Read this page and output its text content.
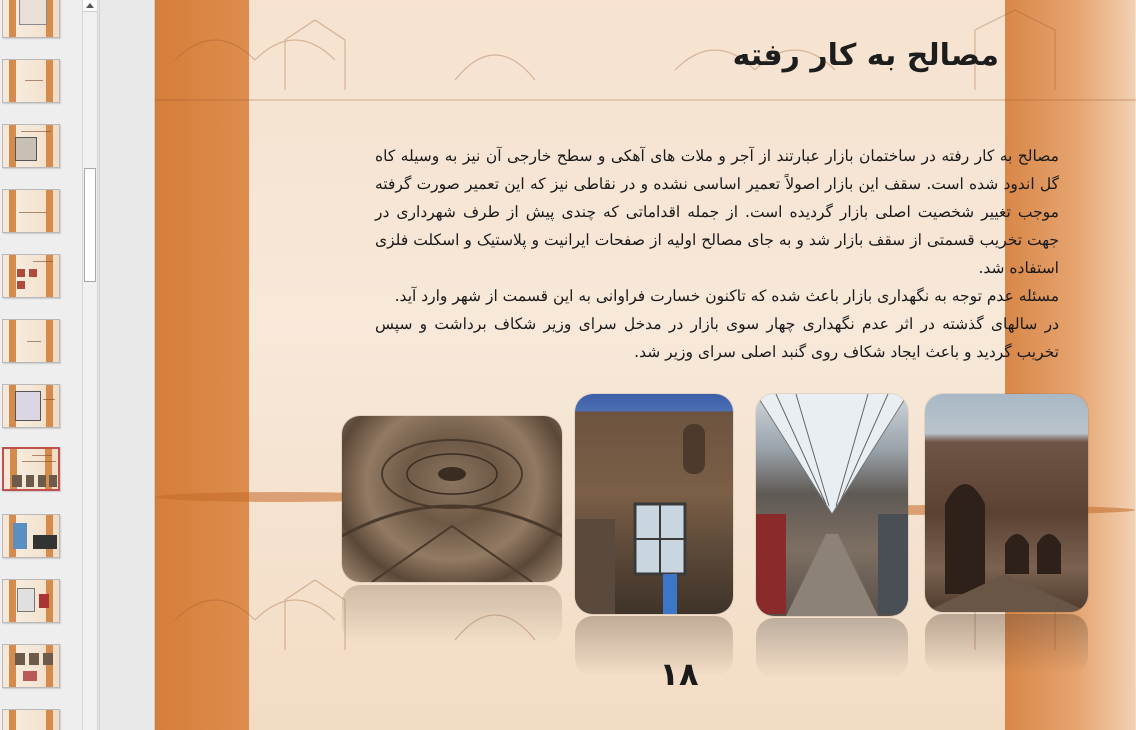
مصالح به کار رفته

مصالح به کار رفته در ساختمان بازار عبارتند از آجر و ملات های آهکی و سطح خارجی آن نیز به وسیله کاه گل اندود شده است. سقف این بازار اصولاً تعمیر اساسی نشده و در نقاطی نیز که این تعمیر صورت گرفته موجب تغییر شخصیت اصلی بازار گردیده است. از جمله اقداماتی که چندی پیش از طرف شهرداری در جهت تخریب قسمتی از سقف بازار شد و به جای مصالح اولیه از صفحات ایرانیت و پلاستیک و اسکلت فلزی استفاده شد.

مسئله عدم توجه به نگهداری بازار باعث شده که تاکنون خسارت فراوانی به این قسمت از شهر وارد آید.

در سالهای گذشته در اثر عدم نگهداری چهار سوی بازار در مدخل سرای وزیر شکاف برداشت و سپس تخریب گردید و باعث ایجاد شکاف روی گنبد اصلی سرای وزیر شد.

۱۸
